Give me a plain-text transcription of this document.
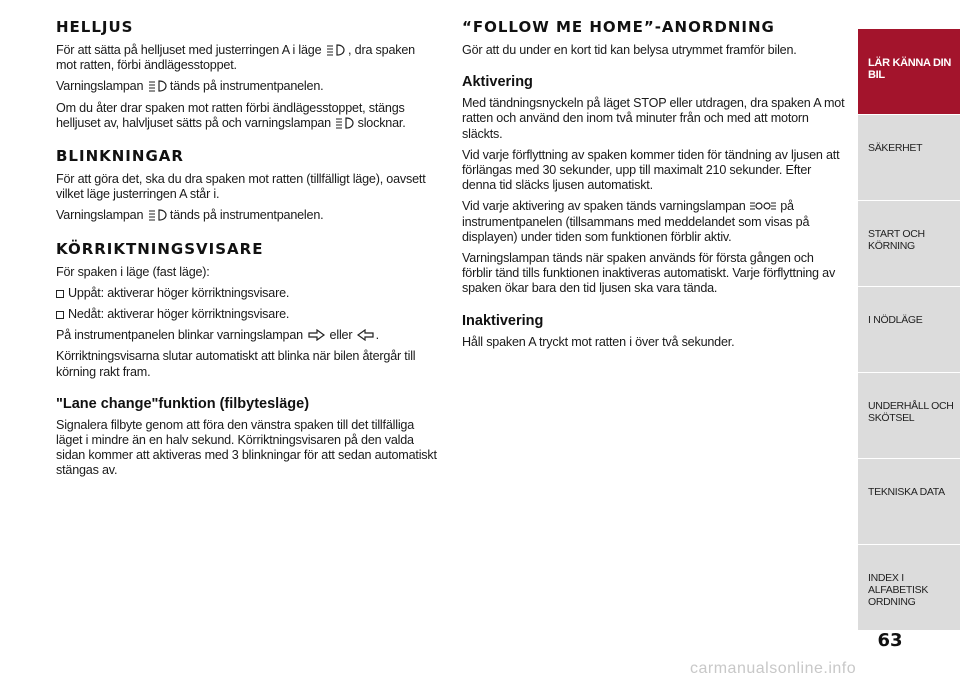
HELLJUS

För att sätta på helljuset med justerringen A i läge , dra spaken mot ratten, förbi ändlägesstoppet.

Varningslampan tänds på instrumentpanelen.

Om du åter drar spaken mot ratten förbi ändlägesstoppet, stängs helljuset av, halvljuset sätts på och varningslampan slocknar.

BLINKNINGAR

För att göra det, ska du dra spaken mot ratten (tillfälligt läge), oavsett vilket läge justerringen A står i.

Varningslampan tänds på instrumentpanelen.

KÖRRIKTNINGSVISARE

För spaken i läge (fast läge):

Uppåt: aktiverar höger körriktningsvisare.

Nedåt: aktiverar höger körriktningsvisare.

På instrumentpanelen blinkar varningslampan eller .

Körriktningsvisarna slutar automatiskt att blinka när bilen återgår till körning rakt fram.

"Lane change"funktion (filbytesläge)

Signalera filbyte genom att föra den vänstra spaken till det tillfälliga läget i mindre än en halv sekund. Körriktningsvisaren på den valda sidan kommer att aktiveras med 3 blinkningar för att sedan automatiskt stängas av.

“FOLLOW ME HOME”-ANORDNING

Gör att du under en kort tid kan belysa utrymmet framför bilen.

Aktivering

Med tändningsnyckeln på läget STOP eller utdragen, dra spaken A mot ratten och använd den inom två minuter från och med att motorn släckts.

Vid varje förflyttning av spaken kommer tiden för tändning av ljusen att förlängas med 30 sekunder, upp till maximalt 210 sekunder. Efter denna tid släcks ljusen automatiskt.

Vid varje aktivering av spaken tänds varningslampan	på instrumentpanelen (tillsammans med meddelandet som visas på displayen) under tiden som funktionen förblir aktiv.

Varningslampan tänds när spaken används för första gången och förblir tänd tills funktionen inaktiveras automatiskt. Varje förflyttning av spaken ökar bara den tid ljusen ska vara tända.

Inaktivering

Håll spaken A tryckt mot ratten i över två sekunder.

LÄR KÄNNA DIN BIL
SÄKERHET
START OCH KÖRNING
I NÖDLÄGE
UNDERHÅLL OCH SKÖTSEL
TEKNISKA DATA
INDEX I ALFABETISK ORDNING
63
carmanualsonline.info
